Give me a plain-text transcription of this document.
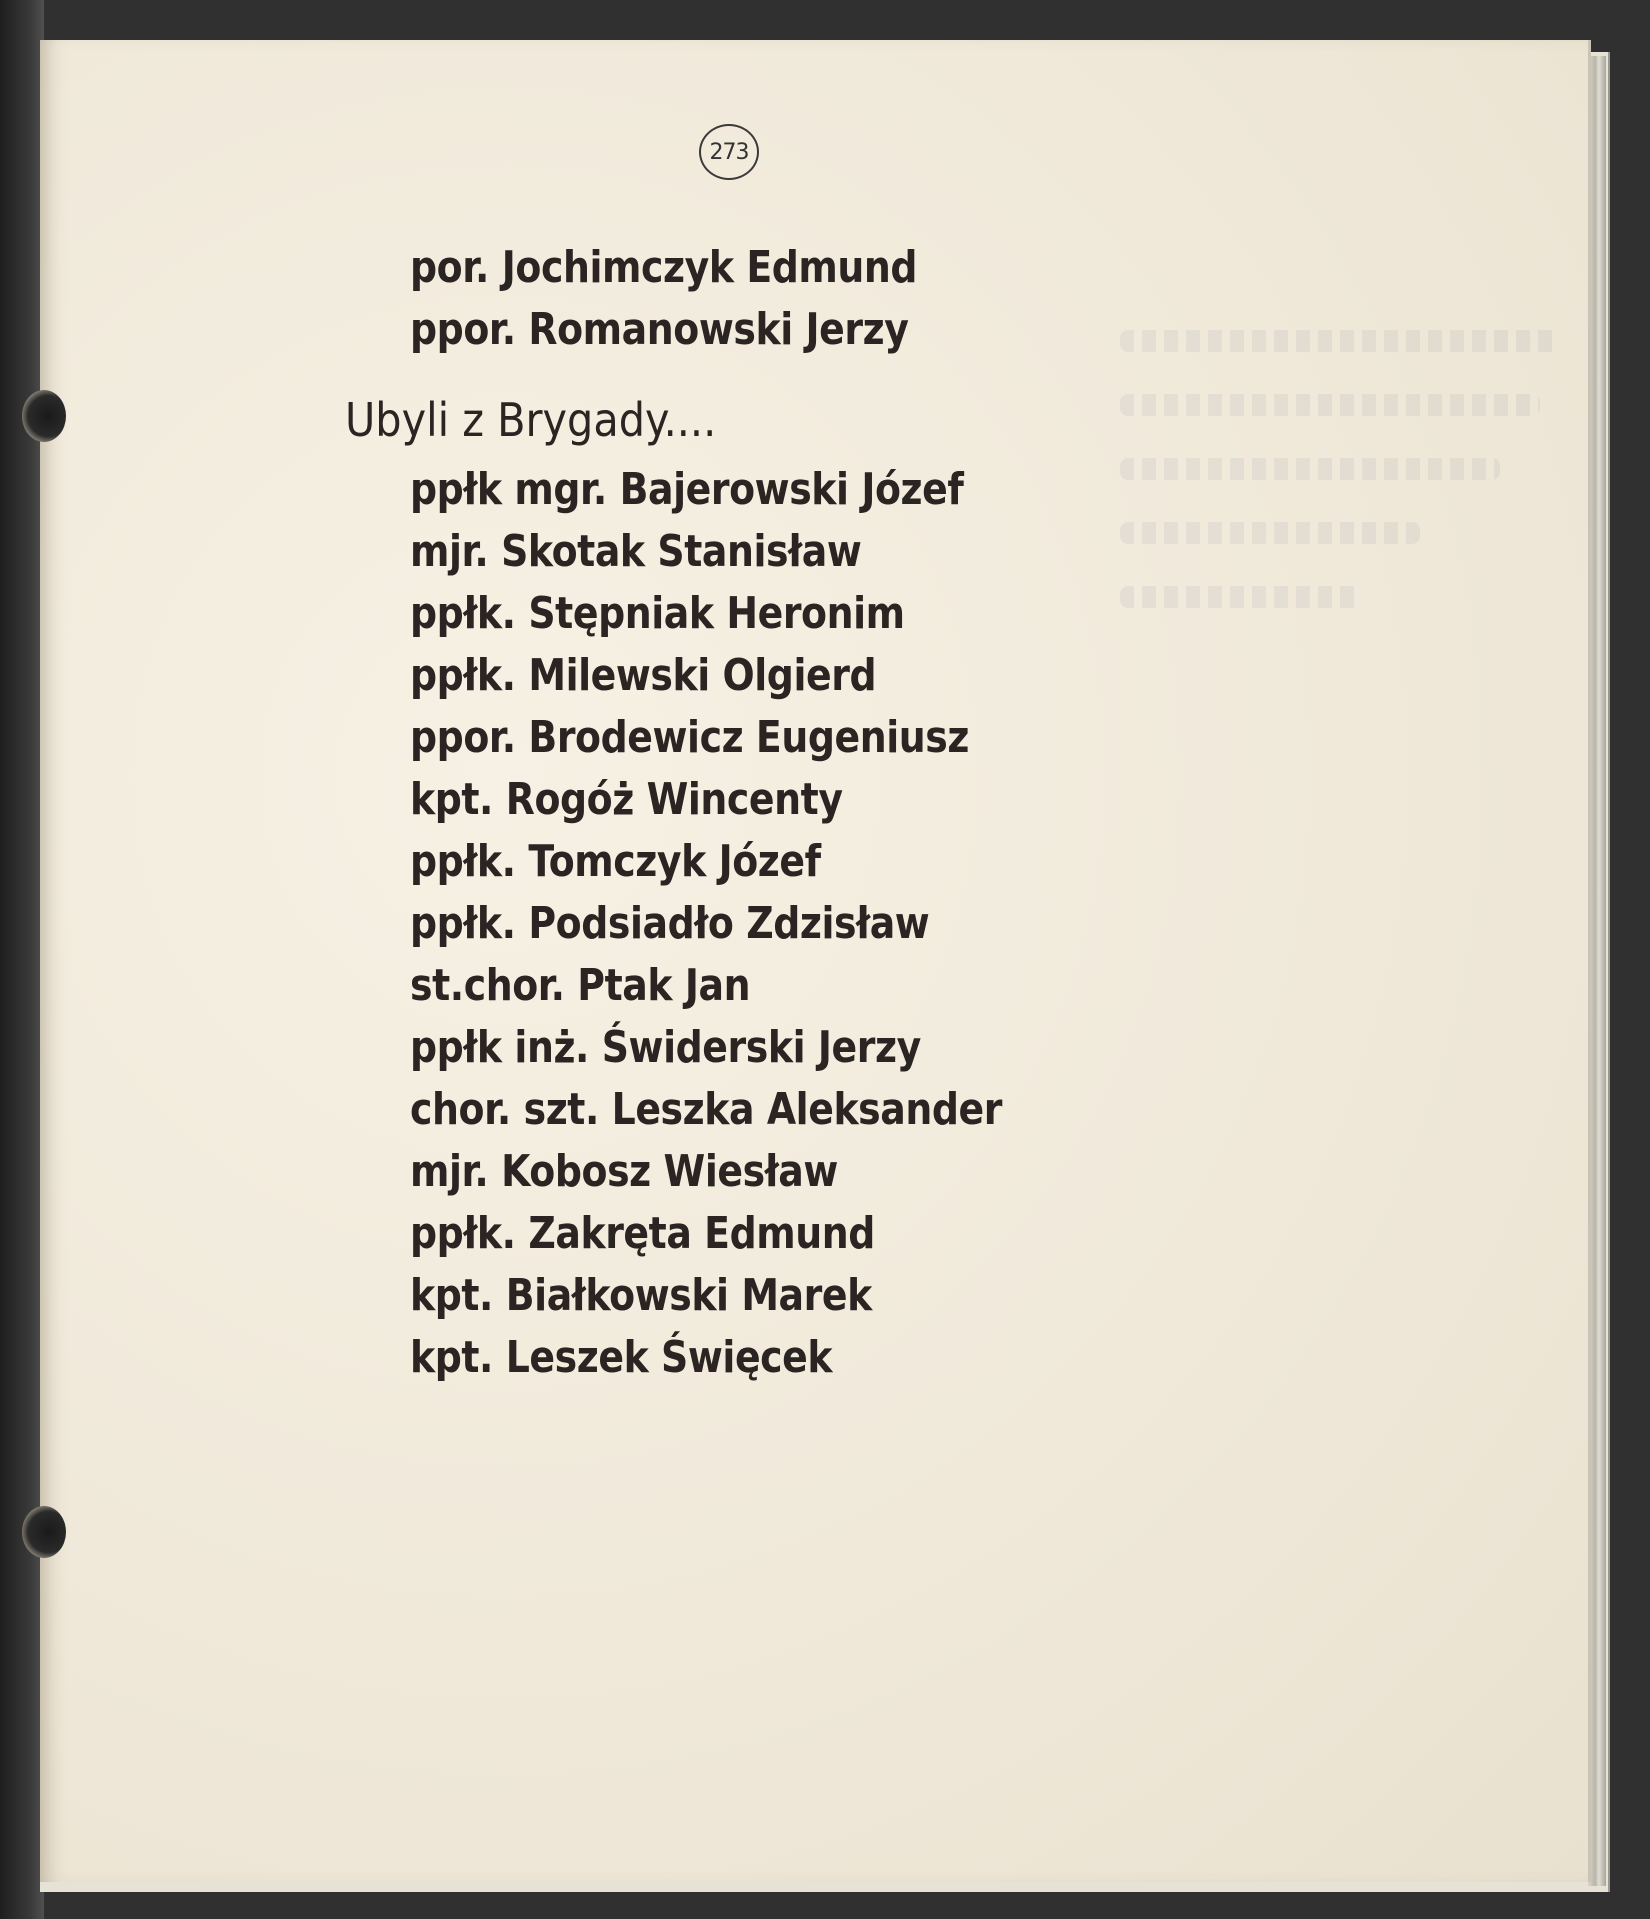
273
por. Jochimczyk Edmund
ppor. Romanowski Jerzy
Ubyli z Brygady....
ppłk mgr. Bajerowski Józef
mjr. Skotak Stanisław
ppłk. Stępniak Heronim
ppłk. Milewski Olgierd
ppor. Brodewicz Eugeniusz
kpt. Rogóż Wincenty
ppłk. Tomczyk Józef
ppłk. Podsiadło Zdzisław
st.chor. Ptak Jan
ppłk inż. Świderski Jerzy
chor. szt. Leszka Aleksander
mjr. Kobosz Wiesław
ppłk. Zakręta Edmund
kpt. Białkowski Marek
kpt. Leszek Święcek
